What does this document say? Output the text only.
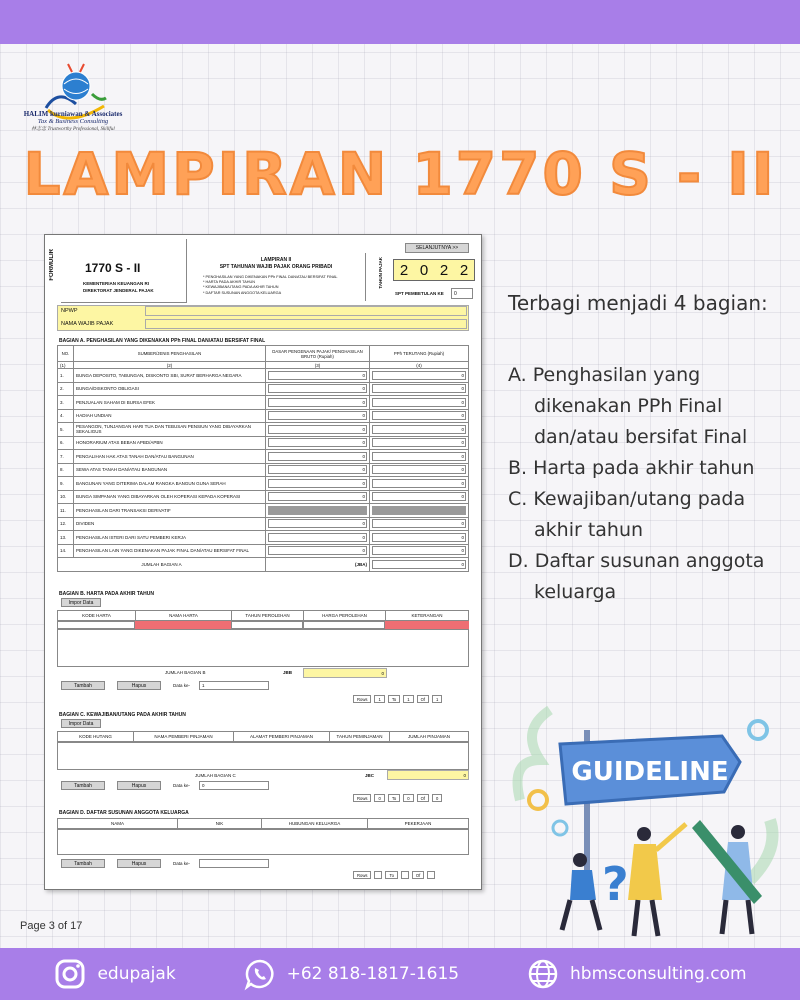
HALIM kurniawan & Associates
Tax & Business Consulting
林志忠 Trustworthy Professional, Skillful
LAMPIRAN 1770 S - II
FORMULIR	1770 S - II
KEMENTERIAN KEUANGAN RI
DIREKTORAT JENDERAL PAJAK
LAMPIRAN II
SPT TAHUNAN WAJIB PAJAK ORANG PRIBADI
* PENGHASILAN YANG DIKENAKAN PPh FINAL DAN/ATAU BERSIFAT FINAL
* HARTA PADA AKHIR TAHUN
* KEWAJIBAN/UTANG PADA AKHIR TAHUN
* DAFTAR SUSUNAN ANGGOTA KELUARGA
TAHUN PAJAK
SELANJUTNYA >>
2 0 2 2
SPT PEMBETULAN KE	0
NPWP
NAMA WAJIB PAJAK
BAGIAN A. PENGHASILAN YANG DIKENAKAN PPh FINAL DAN/ATAU BERSIFAT FINAL
NO.	SUMBER/JENIS PENGHASILAN	DASAR PENGENAAN PAJAK/ PENGHASILAN BRUTO (Rupiah)	PPh TERUTANG (Rupiah)
(1)	(2)	(3)	(4)
1.	BUNGA DEPOSITO, TABUNGAN, DISKONTO SBI, SURAT BERHARGA NEGARA	0	0

2.	BUNGA/DISKONTO OBLIGASI	0	0

3.	PENJUALAN SAHAM DI BURSA EFEK	0	0

4.	HADIAH UNDIAN	0	0

5.	PESANGON, TUNJANGAN HARI TUA DAN TEBUSAN PENSIUN YANG DIBAYARKAN SEKALIGUS	0	0

6.	HONORARIUM ATAS BEBAN APBD/APBN	0	0

7.	PENGALIHAN HAK ATAS TANAH DAN/ATAU BANGUNAN	0	0

8.	SEWA ATAS TANAH DAN/ATAU BANGUNAN	0	0

9.	BANGUNAN YANG DITERIMA DALAM RANGKA BANGUN GUNA SERAH	0	0

10.	BUNGA SIMPANAN YANG DIBAYARKAN OLEH KOPERASI KEPADA KOPERASI	0	0

11.	PENGHASILAN DARI TRANSAKSI DERIVATIF	

12.	DIVIDEN	0	0

13.	PENGHASILAN ISTERI DARI SATU PEMBERI KERJA	0	0

14.	PENGHASILAN LAIN YANG DIKENAKAN PAJAK FINAL DAN/ATAU BERSIFAT FINAL	0	0

JUMLAH BAGIAN A		(JBA)	0
BAGIAN B. HARTA PADA AKHIR TAHUN
Impor Data
KODE HARTA	NAMA HARTA	TAHUN PEROLEHAN	HARGA PEROLEHAN	KETERANGAN
JUMLAH BAGIAN B	JBB	0
Tambah	Hapus	Data ke-	1
Rows	1	To	1	Of	1
BAGIAN C. KEWAJIBAN/UTANG PADA AKHIR TAHUN
Impor Data
KODE HUTANG	NAMA PEMBERI PINJAMAN	ALAMAT PEMBERI PINJAMAN	TAHUN PEMINJAMAN	JUMLAH PINJAMAN
JUMLAH BAGIAN C	JBC	0
Tambah	Hapus	Data ke-	0
Rows	0	To	0	Of	0
BAGIAN D. DAFTAR SUSUNAN ANGGOTA KELUARGA
NAMA	NIK	HUBUNGAN KELUARGA	PEKERJAAN
Tambah	Hapus	Data ke-
Rows	To	Of
Page 3 of 17
Terbagi menjadi 4 bagian:
A. Penghasilan yang dikenakan PPh Final dan/atau bersifat Final
B. Harta pada akhir tahun
C. Kewajiban/utang pada akhir tahun
D. Daftar susunan anggota keluarga
GUIDELINE
?
edupajak	+62 818-1817-1615	hbmsconsulting.com
